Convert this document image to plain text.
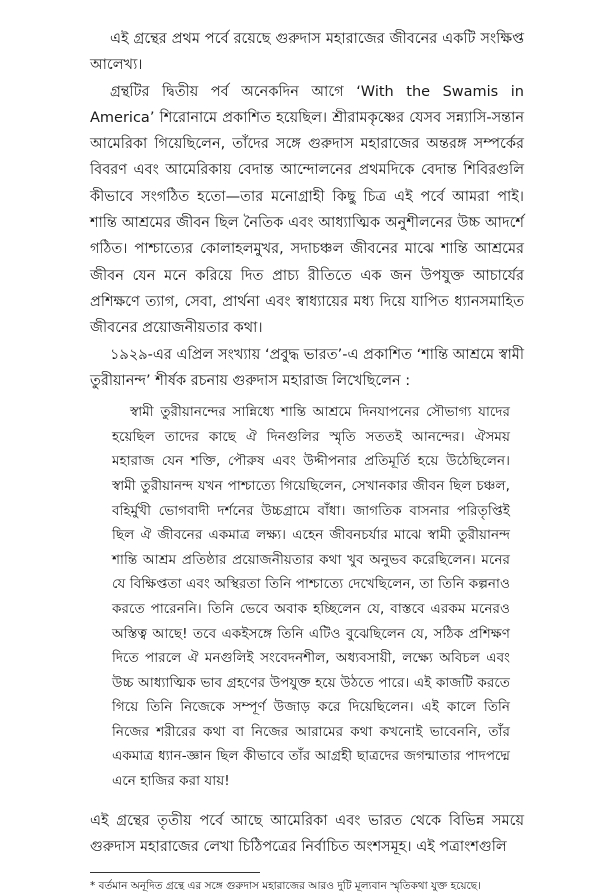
এই গ্রন্থের প্রথম পর্বে রয়েছে গুরুদাস মহারাজের জীবনের একটি সংক্ষিপ্ত আলেখ্য।

গ্রন্থটির দ্বিতীয় পর্ব অনেকদিন আগে ‘With the Swamis in America’ শিরোনামে প্রকাশিত হয়েছিল। শ্রীরামকৃষ্ণের যেসব সন্ন্যাসি-সন্তান আমেরিকা গিয়েছিলেন, তাঁদের সঙ্গে গুরুদাস মহারাজের অন্তরঙ্গ সম্পর্কের বিবরণ এবং আমেরিকায় বেদান্ত আন্দোলনের প্রথমদিকে বেদান্ত শিবিরগুলি কীভাবে সংগঠিত হতো—তার মনোগ্রাহী কিছু চিত্র এই পর্বে আমরা পাই। শান্তি আশ্রমের জীবন ছিল নৈতিক এবং আধ্যাত্মিক অনুশীলনের উচ্চ আদর্শে গঠিত। পাশ্চাত্যের কোলাহলমুখর, সদাচঞ্চল জীবনের মাঝে শান্তি আশ্রমের জীবন যেন মনে করিয়ে দিত প্রাচ্য রীতিতে এক জন উপযুক্ত আচার্যের প্রশিক্ষণে ত্যাগ, সেবা, প্রার্থনা এবং স্বাধ্যায়ের মধ্য দিয়ে যাপিত ধ্যানসমাহিত জীবনের প্রয়োজনীয়তার কথা।

১৯২৯-এর এপ্রিল সংখ্যায় ‘প্রবুদ্ধ ভারত’-এ প্রকাশিত ‘শান্তি আশ্রমে স্বামী তুরীয়ানন্দ’ শীর্ষক রচনায় গুরুদাস মহারাজ লিখেছিলেন :

স্বামী তুরীয়ানন্দের সান্নিধ্যে শান্তি আশ্রমে দিনযাপনের সৌভাগ্য যাদের হয়েছিল তাদের কাছে ঐ দিনগুলির স্মৃতি সততই আনন্দের। ঐসময় মহারাজ যেন শক্তি, পৌরুষ এবং উদ্দীপনার প্রতিমূর্তি হয়ে উঠেছিলেন। স্বামী তুরীয়ানন্দ যখন পাশ্চাত্যে গিয়েছিলেন, সেখানকার জীবন ছিল চঞ্চল, বহির্মুখী ভোগবাদী দর্শনের উচ্চগ্রামে বাঁধা। জাগতিক বাসনার পরিতৃপ্তিই ছিল ঐ জীবনের একমাত্র লক্ষ্য। এহেন জীবনচর্যার মাঝে স্বামী তুরীয়ানন্দ শান্তি আশ্রম প্রতিষ্ঠার প্রয়োজনীয়তার কথা খুব অনুভব করেছিলেন। মনের যে বিক্ষিপ্ততা এবং অস্থিরতা তিনি পাশ্চাত্যে দেখেছিলেন, তা তিনি কল্পনাও করতে পারেননি। তিনি ভেবে অবাক হচ্ছিলেন যে, বাস্তবে এরকম মনেরও অস্তিত্ব আছে! তবে একইসঙ্গে তিনি এটিও বুঝেছিলেন যে, সঠিক প্রশিক্ষণ দিতে পারলে ঐ মনগুলিই সংবেদনশীল, অধ্যবসায়ী, লক্ষ্যে অবিচল এবং উচ্চ আধ্যাত্মিক ভাব গ্রহণের উপযুক্ত হয়ে উঠতে পারে। এই কাজটি করতে গিয়ে তিনি নিজেকে সম্পূর্ণ উজাড় করে দিয়েছিলেন। এই কালে তিনি নিজের শরীরের কথা বা নিজের আরামের কথা কখনোই ভাবেননি, তাঁর একমাত্র ধ্যান-জ্ঞান ছিল কীভাবে তাঁর আগ্রহী ছাত্রদের জগন্মাতার পাদপদ্মে এনে হাজির করা যায়!

এই গ্রন্থের তৃতীয় পর্বে আছে আমেরিকা এবং ভারত থেকে বিভিন্ন সময়ে গুরুদাস মহারাজের লেখা চিঠিপত্রের নির্বাচিত অংশসমূহ। এই পত্রাংশগুলি

* বর্তমান অনূদিত গ্রন্থে এর সঙ্গে গুরুদাস মহারাজের আরও দুটি মূল্যবান স্মৃতিকথা যুক্ত হয়েছে।
